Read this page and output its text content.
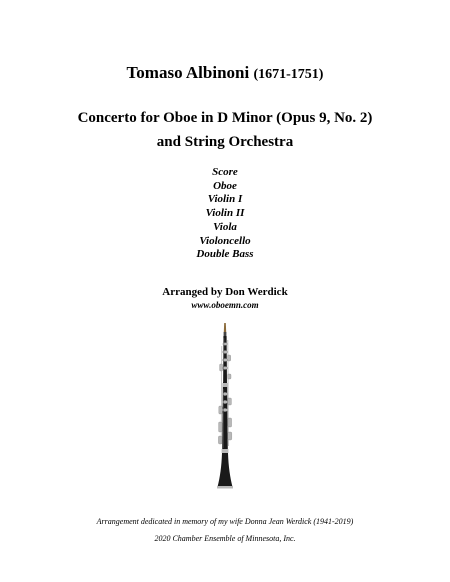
Tomaso Albinoni (1671-1751)
Concerto for Oboe in D Minor (Opus 9, No. 2)
and String Orchestra
Score
Oboe
Violin I
Violin II
Viola
Violoncello
Double Bass
Arranged by Don Werdick
www.oboemn.com
Arrangement dedicated in memory of my wife Donna Jean Werdick (1941-2019)
2020 Chamber Ensemble of Minnesota, Inc.
